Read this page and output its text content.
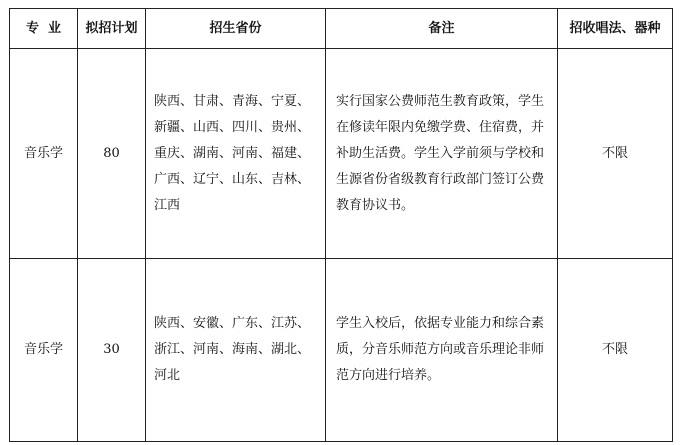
专  业	拟招计划	招生省份	备注	招收唱法、器种
音乐学	80	陕西、甘肃、青海、宁夏、新疆、山西、四川、贵州、重庆、湖南、河南、福建、广西、辽宁、山东、吉林、江西	实行国家公费师范生教育政策，学生在修读年限内免缴学费、住宿费，并补助生活费。学生入学前须与学校和生源省份省级教育行政部门签订公费教育协议书。	不限
音乐学	30	陕西、安徽、广东、江苏、浙江、河南、海南、湖北、河北	学生入校后，依据专业能力和综合素质，分音乐师范方向或音乐理论非师范方向进行培养。	不限
